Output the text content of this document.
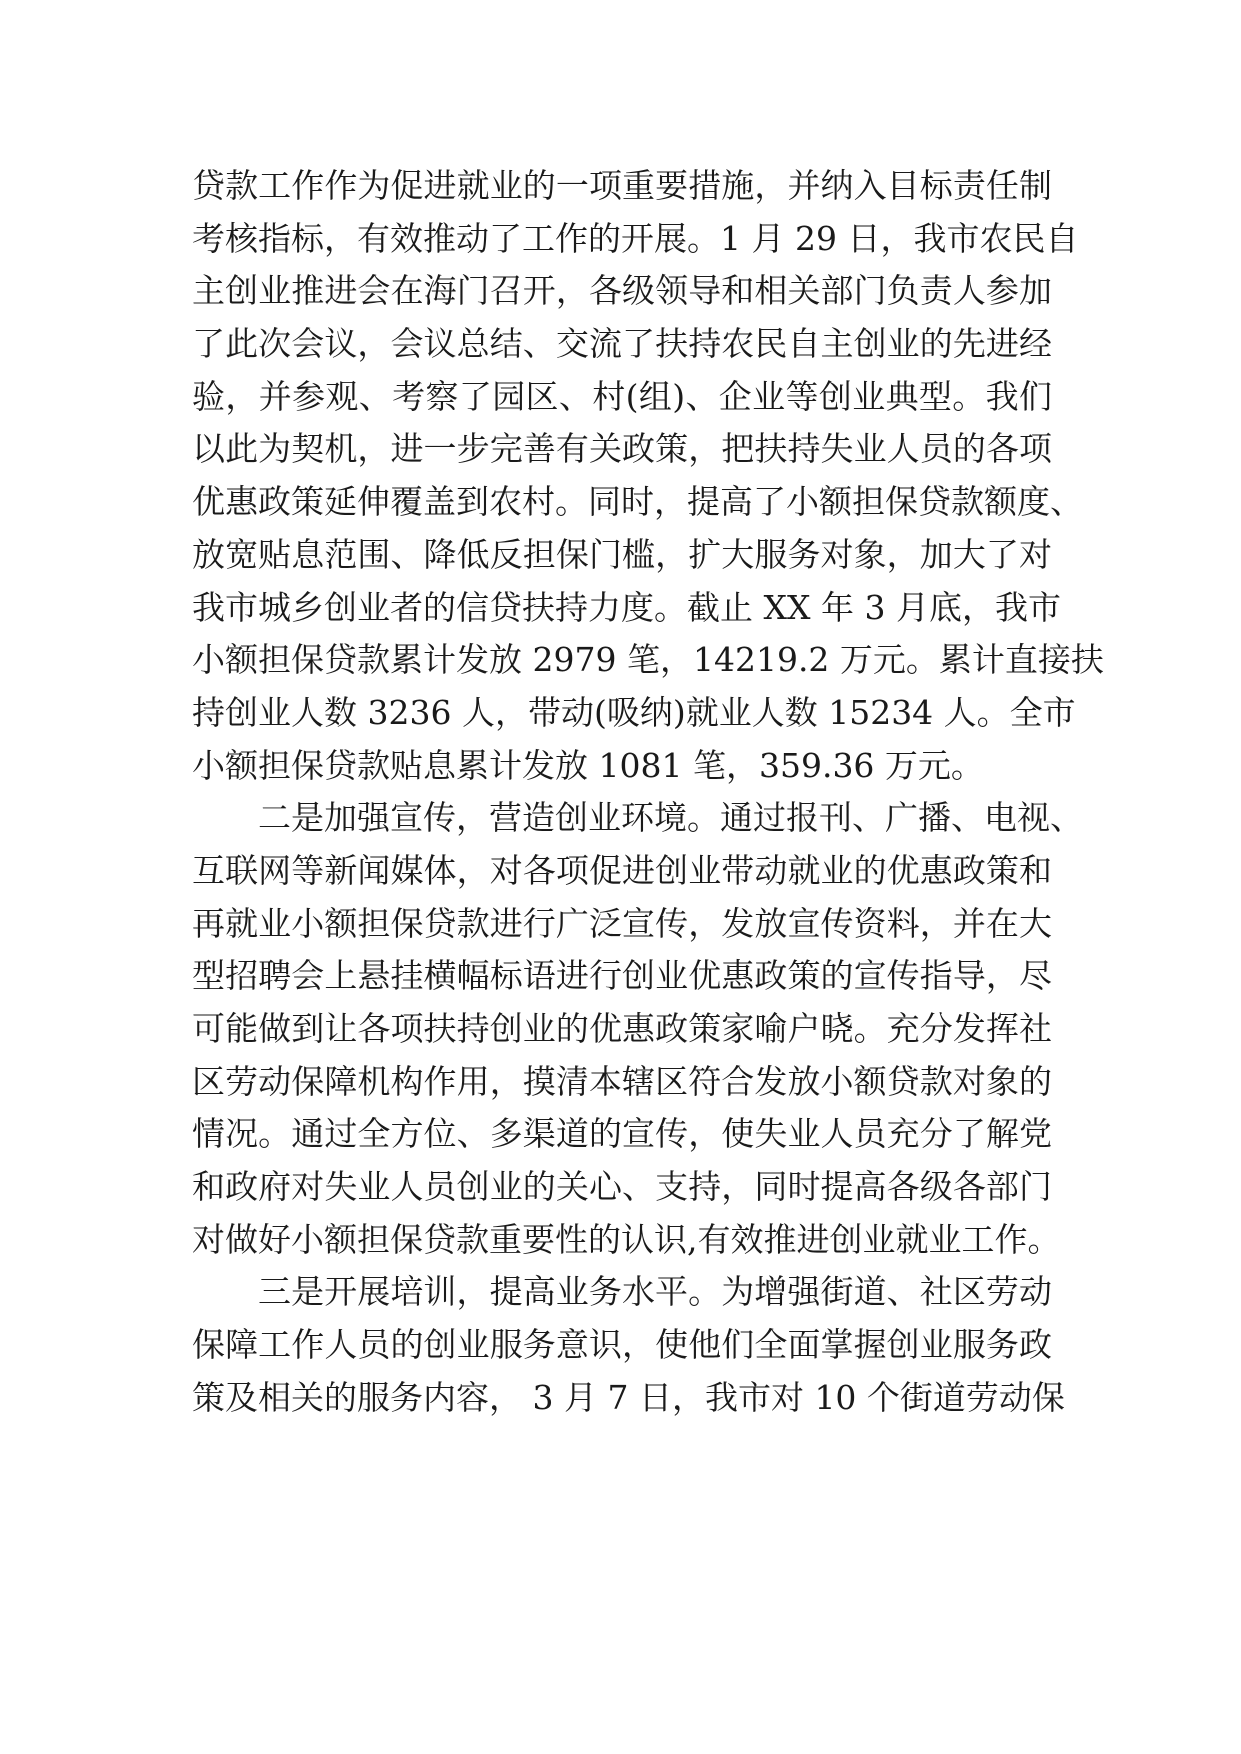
贷款工作作为促进就业的一项重要措施，并纳入目标责任制
考核指标，有效推动了工作的开展。1 月 29 日，我市农民自
主创业推进会在海门召开，各级领导和相关部门负责人参加
了此次会议，会议总结、交流了扶持农民自主创业的先进经
验，并参观、考察了园区、村(组)、企业等创业典型。我们
以此为契机，进一步完善有关政策，把扶持失业人员的各项
优惠政策延伸覆盖到农村。同时，提高了小额担保贷款额度、
放宽贴息范围、降低反担保门槛，扩大服务对象，加大了对
我市城乡创业者的信贷扶持力度。截止 XX 年 3 月底，我市
小额担保贷款累计发放 2979 笔，14219.2 万元。累计直接扶
持创业人数 3236 人，带动(吸纳)就业人数 15234 人。全市
小额担保贷款贴息累计发放 1081 笔，359.36 万元。
二是加强宣传，营造创业环境。通过报刊、广播、电视、
互联网等新闻媒体，对各项促进创业带动就业的优惠政策和
再就业小额担保贷款进行广泛宣传，发放宣传资料，并在大
型招聘会上悬挂横幅标语进行创业优惠政策的宣传指导，尽
可能做到让各项扶持创业的优惠政策家喻户晓。充分发挥社
区劳动保障机构作用，摸清本辖区符合发放小额贷款对象的
情况。通过全方位、多渠道的宣传，使失业人员充分了解党
和政府对失业人员创业的关心、支持，同时提高各级各部门
对做好小额担保贷款重要性的认识,有效推进创业就业工作。
三是开展培训，提高业务水平。为增强街道、社区劳动
保障工作人员的创业服务意识，使他们全面掌握创业服务政
策及相关的服务内容， 3 月 7 日，我市对 10 个街道劳动保
